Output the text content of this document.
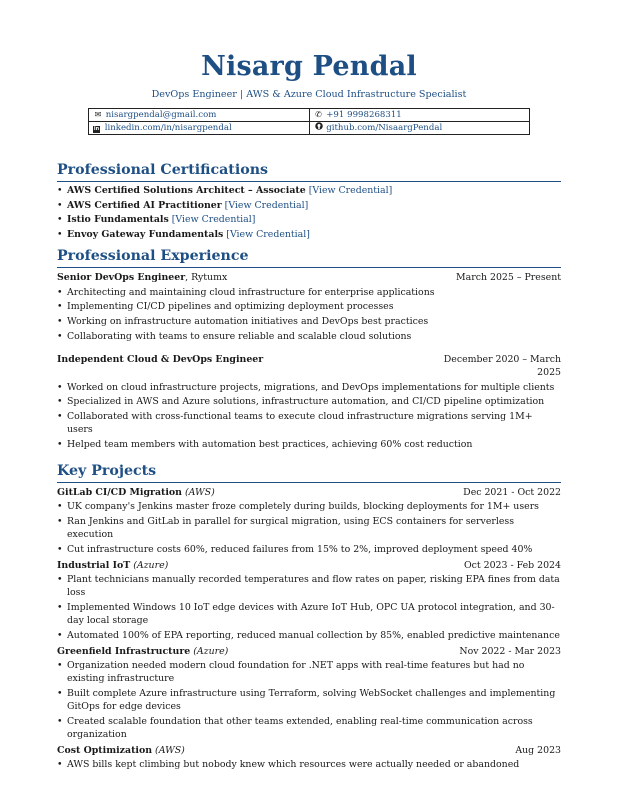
Nisarg Pendal
DevOps Engineer | AWS & Azure Cloud Infrastructure Specialist
✉ nisargpendal@gmail.com	✆ +91 9998268311
in linkedin.com/in/nisargpendal	github.com/NisaargPendal
Professional Certifications
• AWS Certified Solutions Architect – Associate [View Credential]
• AWS Certified AI Practitioner [View Credential]
• Istio Fundamentals [View Credential]
• Envoy Gateway Fundamentals [View Credential]
Professional Experience
Senior DevOps Engineer, Rytumx	March 2025 – Present
• Architecting and maintaining cloud infrastructure for enterprise applications
• Implementing CI/CD pipelines and optimizing deployment processes
• Working on infrastructure automation initiatives and DevOps best practices
• Collaborating with teams to ensure reliable and scalable cloud solutions
Independent Cloud & DevOps Engineer	December 2020 – March 2025
• Worked on cloud infrastructure projects, migrations, and DevOps implementations for multiple clients
• Specialized in AWS and Azure solutions, infrastructure automation, and CI/CD pipeline optimization
• Collaborated with cross-functional teams to execute cloud infrastructure migrations serving 1M+ users
• Helped team members with automation best practices, achieving 60% cost reduction
Key Projects
GitLab CI/CD Migration (AWS)	Dec 2021 - Oct 2022
• UK company's Jenkins master froze completely during builds, blocking deployments for 1M+ users
• Ran Jenkins and GitLab in parallel for surgical migration, using ECS containers for serverless execution
• Cut infrastructure costs 60%, reduced failures from 15% to 2%, improved deployment speed 40%
Industrial IoT (Azure)	Oct 2023 - Feb 2024
• Plant technicians manually recorded temperatures and flow rates on paper, risking EPA fines from data loss
• Implemented Windows 10 IoT edge devices with Azure IoT Hub, OPC UA protocol integration, and 30-day local storage
• Automated 100% of EPA reporting, reduced manual collection by 85%, enabled predictive maintenance
Greenfield Infrastructure (Azure)	Nov 2022 - Mar 2023
• Organization needed modern cloud foundation for .NET apps with real-time features but had no existing infrastructure
• Built complete Azure infrastructure using Terraform, solving WebSocket challenges and implementing GitOps for edge devices
• Created scalable foundation that other teams extended, enabling real-time communication across organization
Cost Optimization (AWS)	Aug 2023
• AWS bills kept climbing but nobody knew which resources were actually needed or abandoned
